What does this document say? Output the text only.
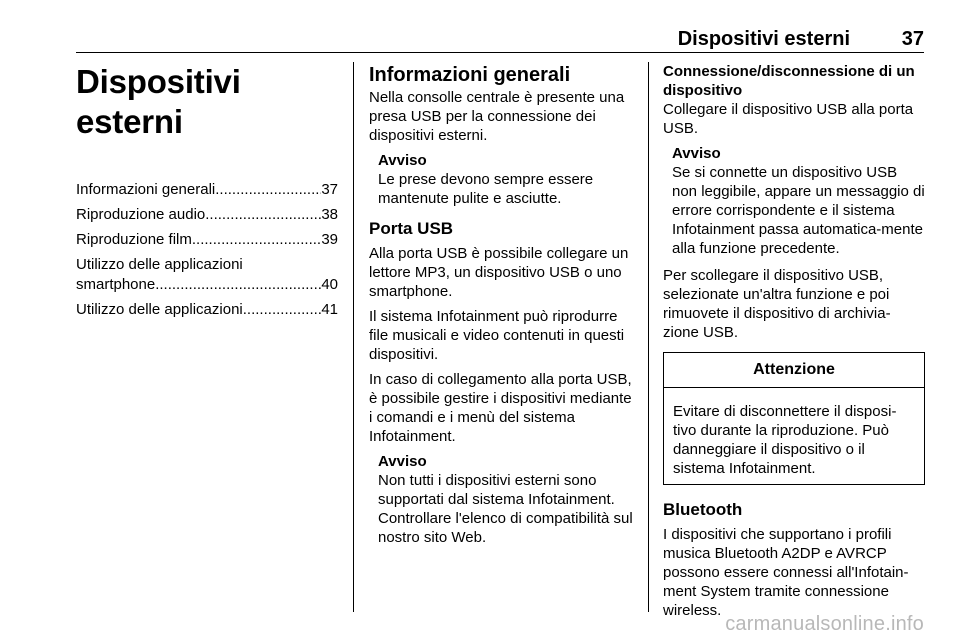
Dispositivi esterni	37
Dispositivi esterni
Informazioni generali .....	37
Riproduzione audio .....	38
Riproduzione film .....	39
Utilizzo delle applicazioni
smartphone .....	40
Utilizzo delle applicazioni .....	41
Informazioni generali

Nella consolle centrale è presente una presa USB per la connessione dei dispositivi esterni.

Avviso
Le prese devono sempre essere mantenute pulite e asciutte.
Porta USB

Alla porta USB è possibile collegare un lettore MP3, un dispositivo USB o uno smartphone.

Il sistema Infotainment può riprodurre file musicali e video contenuti in questi dispositivi.

In caso di collegamento alla porta USB, è possibile gestire i dispositivi mediante i comandi e i menù del sistema Infotainment.

Avviso
Non tutti i dispositivi esterni sono supportati dal sistema Infotainment. Controllare l'elenco di compatibilità sul nostro sito Web.
Connessione/disconnessione di un dispositivo

Collegare il dispositivo USB alla porta USB.

Avviso
Se si connette un dispositivo USB non leggibile, appare un messaggio di errore corrispondente e il sistema Infotainment passa automatica-mente alla funzione precedente.

Per scollegare il dispositivo USB, selezionate un'altra funzione e poi rimuovete il dispositivo di archivia-zione USB.

Attenzione
Evitare di disconnettere il disposi-tivo durante la riproduzione. Può danneggiare il dispositivo o il sistema Infotainment.
Bluetooth

I dispositivi che supportano i profili musica Bluetooth A2DP e AVRCP possono essere connessi all'Infotain-ment System tramite connessione wireless.

carmanualsonline.info
